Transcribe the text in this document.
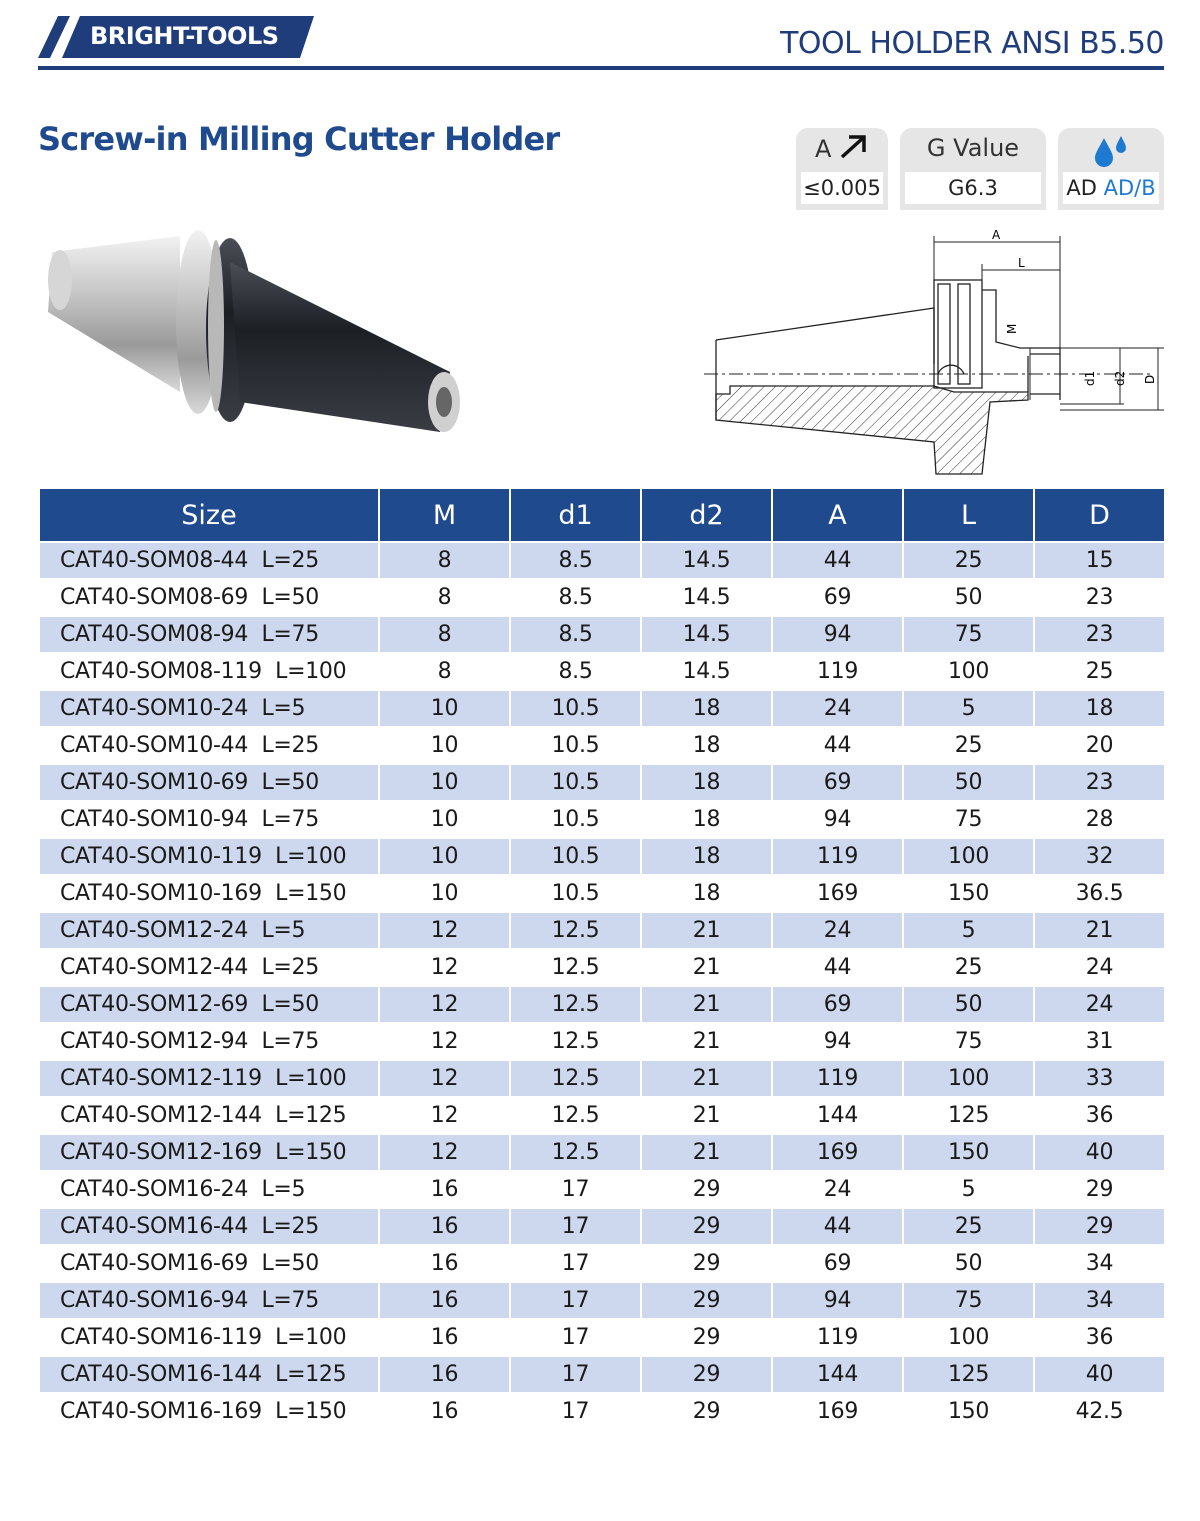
BRIGHT-TOOLS	TOOL HOLDER ANSI B5.50
Screw-in Milling Cutter Holder	A
≤0.005
G Value
G6.3	AD AD/B
A
L
M
d1 d2 D
Size	M	d1	d2	A	L	D
CAT40-SOM08-44  L=25	8	8.5	14.5	44	25	15
CAT40-SOM08-69  L=50	8	8.5	14.5	69	50	23
CAT40-SOM08-94  L=75	8	8.5	14.5	94	75	23
CAT40-SOM08-119  L=100	8	8.5	14.5	119	100	25
CAT40-SOM10-24  L=5	10	10.5	18	24	5	18
CAT40-SOM10-44  L=25	10	10.5	18	44	25	20
CAT40-SOM10-69  L=50	10	10.5	18	69	50	23
CAT40-SOM10-94  L=75	10	10.5	18	94	75	28
CAT40-SOM10-119  L=100	10	10.5	18	119	100	32
CAT40-SOM10-169  L=150	10	10.5	18	169	150	36.5
CAT40-SOM12-24  L=5	12	12.5	21	24	5	21
CAT40-SOM12-44  L=25	12	12.5	21	44	25	24
CAT40-SOM12-69  L=50	12	12.5	21	69	50	24
CAT40-SOM12-94  L=75	12	12.5	21	94	75	31
CAT40-SOM12-119  L=100	12	12.5	21	119	100	33
CAT40-SOM12-144  L=125	12	12.5	21	144	125	36
CAT40-SOM12-169  L=150	12	12.5	21	169	150	40
CAT40-SOM16-24  L=5	16	17	29	24	5	29
CAT40-SOM16-44  L=25	16	17	29	44	25	29
CAT40-SOM16-69  L=50	16	17	29	69	50	34
CAT40-SOM16-94  L=75	16	17	29	94	75	34
CAT40-SOM16-119  L=100	16	17	29	119	100	36
CAT40-SOM16-144  L=125	16	17	29	144	125	40
CAT40-SOM16-169  L=150	16	17	29	169	150	42.5
